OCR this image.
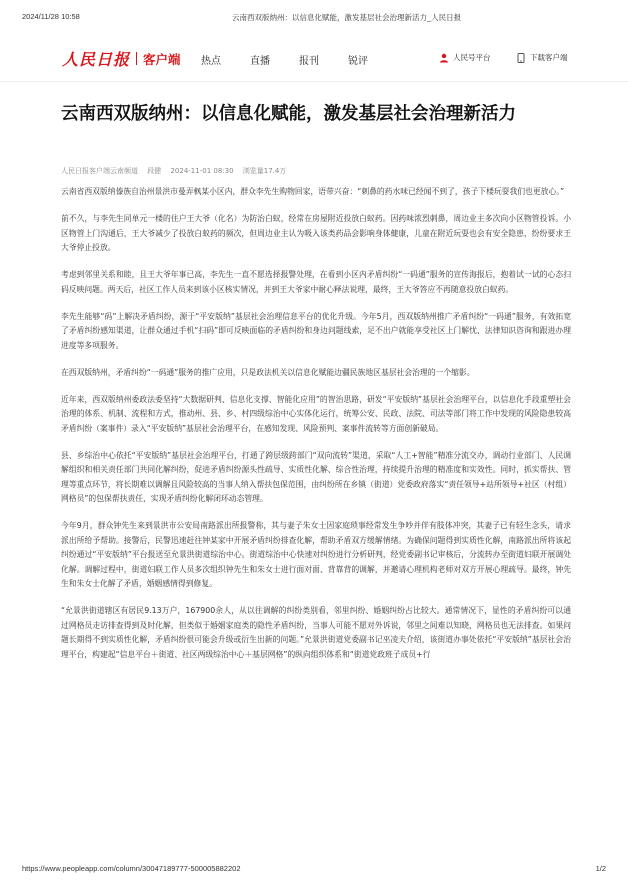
2024/11/28 10:58	云南西双版纳州：以信息化赋能，激发基层社会治理新活力_人民日报
人民日报 客户端 热点	直播	报刊	锐评	人民号平台	下载客户端
云南西双版纳州：以信息化赋能，激发基层社会治理新活力
人民日报客户端云南频道 段健 2024-11-01 08:30 浏览量17.4万

云南省西双版纳傣族自治州景洪市曼弄枫某小区内，群众李先生购物回家，语带兴奋：“刺鼻的药水味已经闻不到了，孩子下楼玩耍我们也更放心。”

前不久，与李先生同单元一楼的住户王大爷（化名）为防治白蚁，经常在房屋附近投放白蚁药。因药味浓烈刺鼻，周边业主多次向小区物管投诉。小区物管上门沟通后，王大爷减少了投放白蚁药的频次，但周边业主认为吸入该类药品会影响身体健康，儿童在附近玩耍也会有安全隐患，纷纷要求王大爷停止投放。

考虑到邻里关系和睦，且王大爷年事已高，李先生一直不愿选择报警处理，在看到小区内矛盾纠纷“一码通”服务的宣传海报后，抱着试一试的心态扫码反映问题。两天后，社区工作人员来到该小区核实情况，并到王大爷家中耐心释法说理，最终，王大爷答应不再随意投放白蚁药。

李先生能够“码”上解决矛盾纠纷，源于“平安版纳”基层社会治理信息平台的优化升级。今年5月，西双版纳州推广矛盾纠纷“一码通”服务，有效拓宽了矛盾纠纷感知渠道，让群众通过手机“扫码”即可反映面临的矛盾纠纷和身边问题线索，足不出户就能享受社区上门解忧、法律知识咨询和跟进办理进度等多项服务。

在西双版纳州，矛盾纠纷“一码通”服务的推广应用，只是政法机关以信息化赋能边疆民族地区基层社会治理的一个缩影。

近年来，西双版纳州委政法委坚持“大数据研判、信息化支撑、智能化应用”的智治思路，研发“平安版纳”基层社会治理平台，以信息化手段重塑社会治理的体系、机制、流程和方式，推动州、县、乡、村四级综治中心实体化运行，统筹公安、民政、法院、司法等部门将工作中发现的风险隐患较高矛盾纠纷（案事件）录入“平安版纳”基层社会治理平台，在感知发现、风险预判、案事件流转等方面创新破局。

县、乡综治中心依托“平安版纳”基层社会治理平台，打通了跨层级跨部门“双向流转”渠道，采取“人工+智能”精准分流交办，调动行业部门、人民调解组织和相关责任部门共同化解纠纷，促进矛盾纠纷源头性疏导、实质性化解、综合性治理，持续提升治理的精准度和实效性。同时，抓实帮扶、管理等重点环节，将长期难以调解且风险较高的当事人纳入帮扶包保范围，由纠纷所在乡镇（街道）党委政府落实“责任领导+站所领导+社区（村组）网格员”的包保帮扶责任，实现矛盾纠纷化解闭环动态管理。

今年9月，群众钟先生来到景洪市公安局南路派出所报警称，其与妻子朱女士因家庭琐事经常发生争吵并伴有肢体冲突，其妻子已有轻生念头，请求派出所给予帮助。接警后，民警迅速赶往钟某家中开展矛盾纠纷排查化解，帮助矛盾双方缓解情绪。为确保问题得到实质性化解，南路派出所将该起纠纷通过“平安版纳”平台报送至允景洪街道综治中心。街道综治中心快速对纠纷进行分析研判，经党委副书记审核后，分流转办至街道妇联开展调处化解。调解过程中，街道妇联工作人员多次组织钟先生和朱女士进行面对面、背靠背的调解，并邀请心理机构老师对双方开展心理疏导。最终，钟先生和朱女士化解了矛盾，婚姻感情得到修复。

“允景洪街道辖区有居民9.13万户，167900余人，从以往调解的纠纷类别看，邻里纠纷、婚姻纠纷占比较大。通常情况下，显性的矛盾纠纷可以通过网格员走访排查得到及时化解，但类似于婚姻家庭类的隐性矛盾纠纷，当事人可能不愿对外诉说，邻里之间难以知晓，网格员也无法排查。如果问题长期得不到实质性化解，矛盾纠纷很可能会升级或衍生出新的问题。”允景洪街道党委副书记巫凌夫介绍，该街道办事处依托“平安版纳”基层社会治理平台，构建起“信息平台＋街道、社区两级综治中心＋基层网格”的纵向组织体系和“街道党政班子成员+行

https://www.peopleapp.com/column/30047189777-500005882202	1/2
